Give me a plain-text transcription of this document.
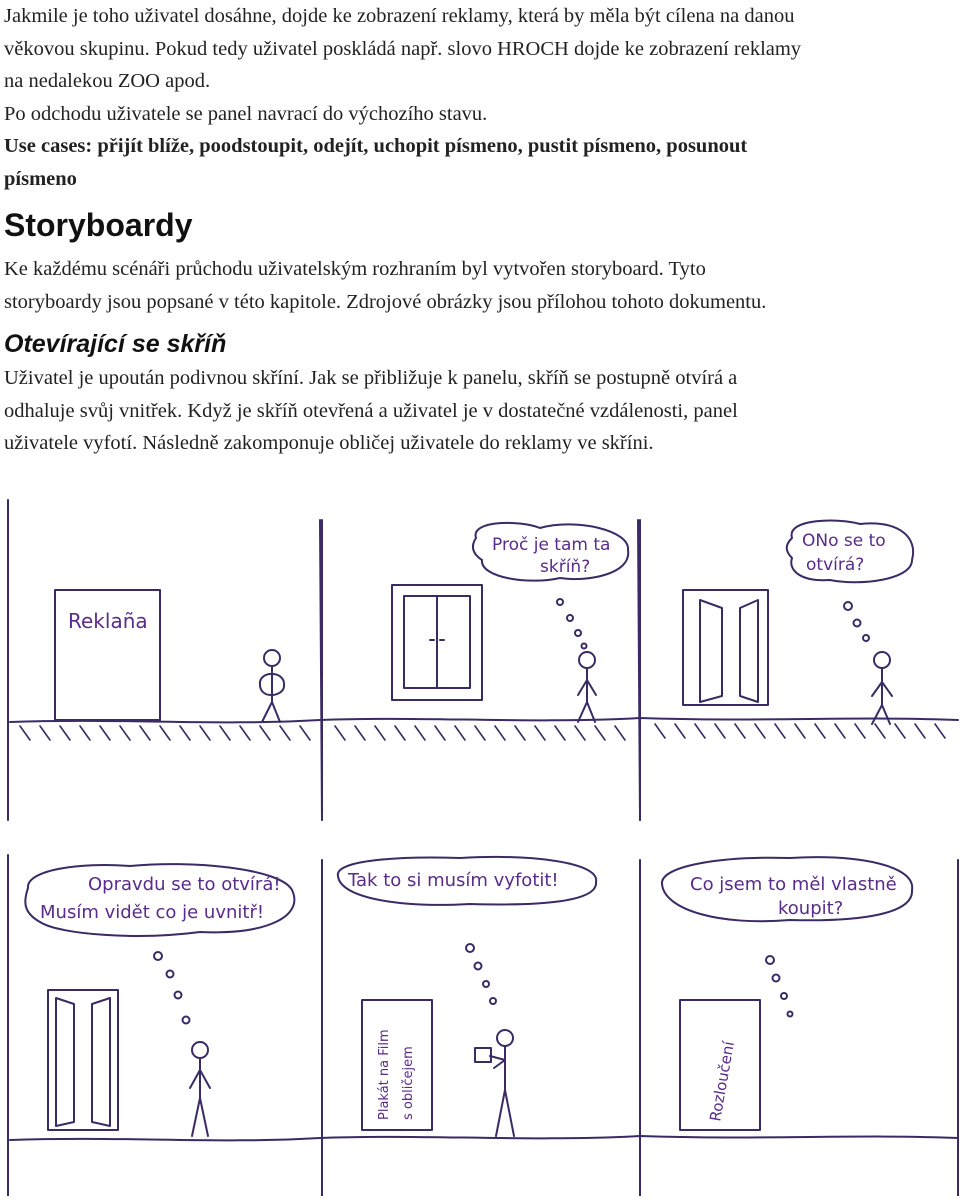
Jakmile je toho uživatel dosáhne, dojde ke zobrazení reklamy, která by měla být cílena na danou

věkovou skupinu. Pokud tedy uživatel poskládá např. slovo HROCH dojde ke zobrazení reklamy

na nedalekou ZOO apod.

Po odchodu uživatele se panel navrací do výchozího stavu.

Use cases: přijít blíže, poodstoupit, odejít, uchopit písmeno, pustit písmeno, posunout

písmeno

Storyboardy

Ke každému scénáři průchodu uživatelským rozhraním byl vytvořen storyboard. Tyto

storyboardy jsou popsané v této kapitole. Zdrojové obrázky jsou přílohou tohoto dokumentu.

Otevírající se skříň

Uživatel je upoután podivnou skříní. Jak se přibližuje k panelu, skříň se postupně otvírá a

odhaluje svůj vnitřek. Když je skříň otevřená a uživatel je v dostatečné vzdálenosti, panel

uživatele vyfotí. Následně zakomponuje obličej uživatele do reklamy ve skříni.

Reklaña
Proč je tam ta
skříň?
ONo se to
otvírá?
Opravdu se to otvírá!
Musím vidět co je uvnitř!
Tak to si musím vyfotit!
Plakát na Film s obličejem
Co jsem to měl vlastně
koupit?
Rozloučení
